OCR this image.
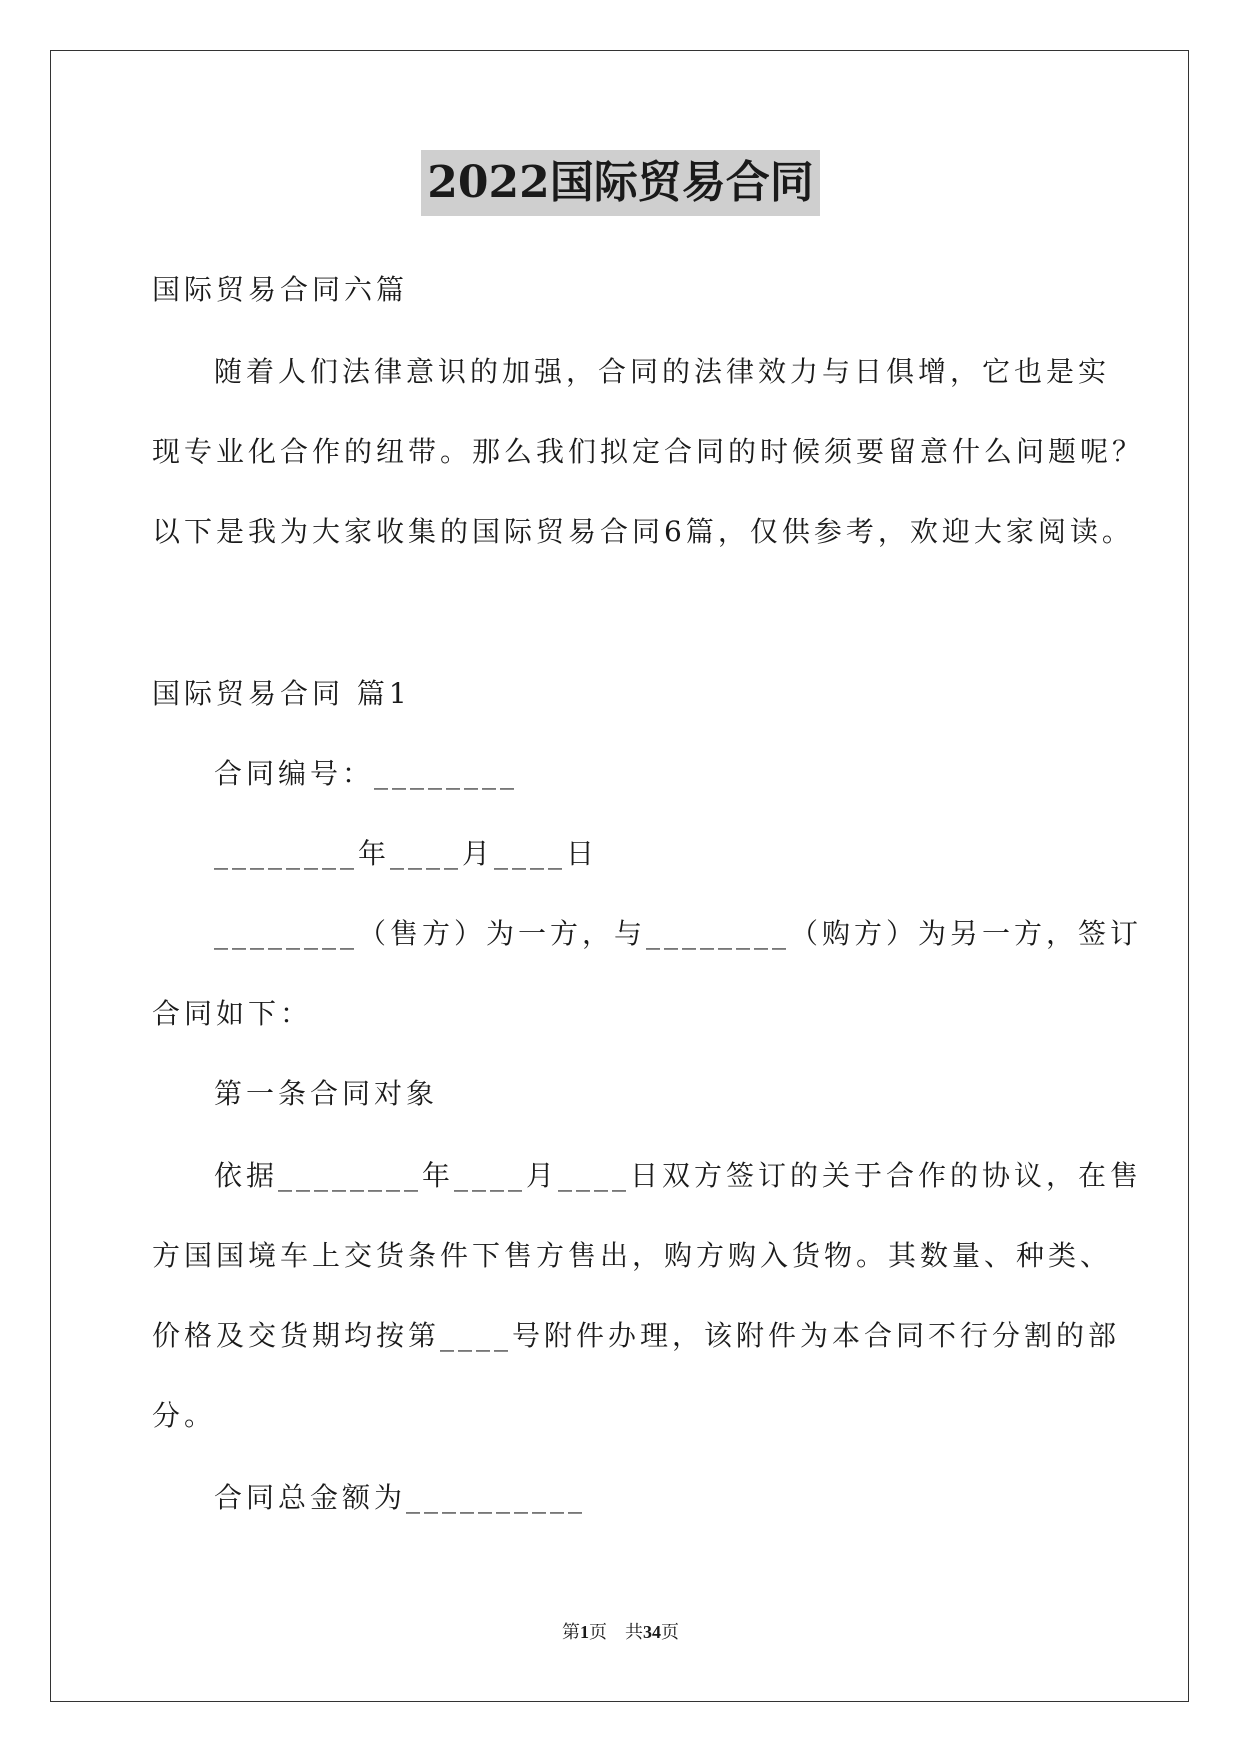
2022国际贸易合同
国际贸易合同六篇
随着人们法律意识的加强，合同的法律效力与日俱增，它也是实
现专业化合作的纽带。那么我们拟定合同的时候须要留意什么问题呢？
以下是我为大家收集的国际贸易合同6篇，仅供参考，欢迎大家阅读。
国际贸易合同 篇1
合同编号：________
________年____月____日
________（售方）为一方，与________（购方）为另一方，签订
合同如下：
第一条合同对象
依据________年____月____日双方签订的关于合作的协议，在售
方国国境车上交货条件下售方售出，购方购入货物。其数量、种类、
价格及交货期均按第____号附件办理，该附件为本合同不行分割的部
分。
合同总金额为__________
第1页    共34页
